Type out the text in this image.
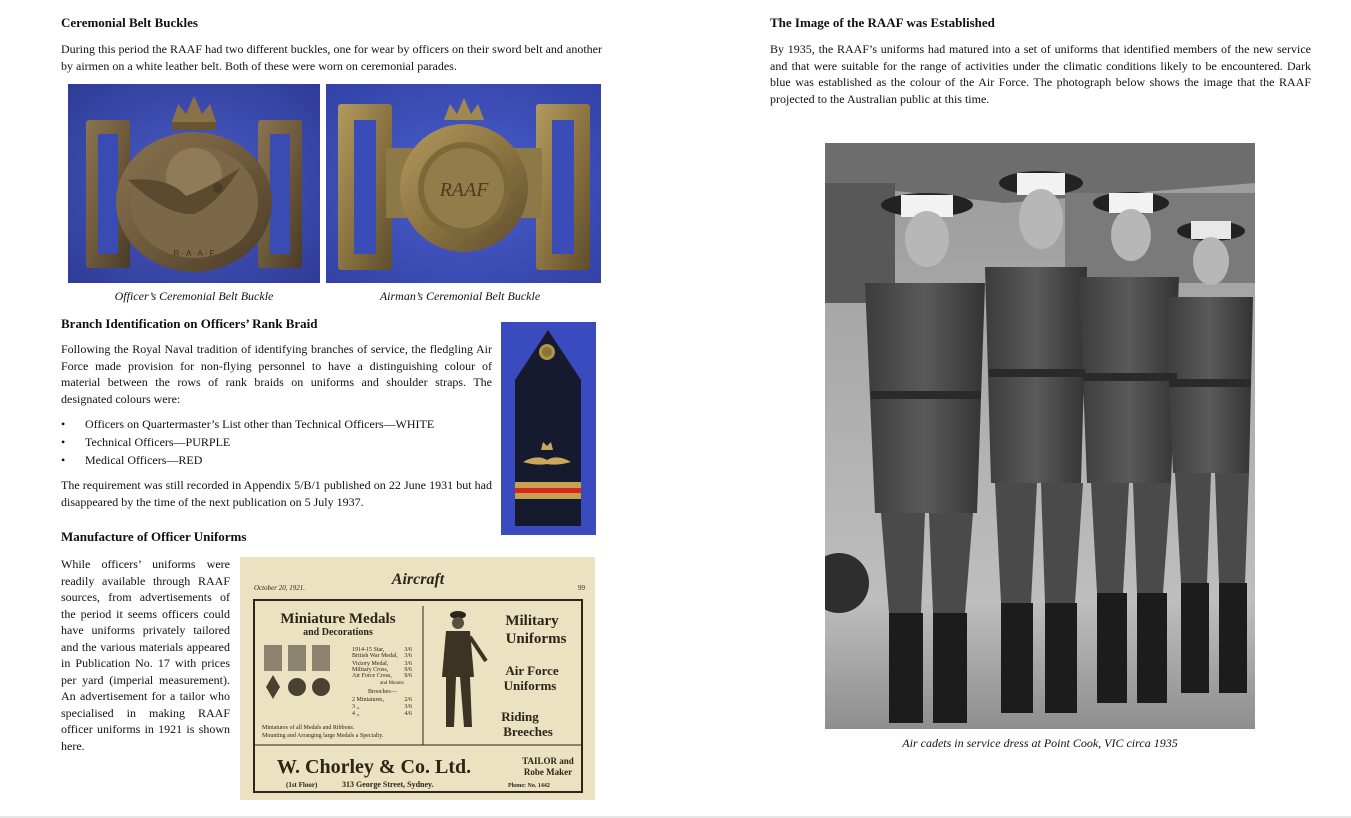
Ceremonial Belt Buckles

During this period the RAAF had two different buckles, one for wear by officers on their sword belt and another by airmen on a white leather belt. Both of these were worn on ceremonial parades.

R · A · A · F

Officer’s Ceremonial Belt Buckle

RAAF

Airman’s Ceremonial Belt Buckle

Branch Identification on Officers’ Rank Braid

Following the Royal Naval tradition of identifying branches of service, the fledgling Air Force made provision for non-flying personnel to have a distinguishing colour of material between the rows of rank braids on uniforms and shoulder straps. The designated colours were:

• Officers on Quartermaster’s List other than Technical Officers—WHITE
• Technical Officers—PURPLE
• Medical Officers—RED

The requirement was still recorded in Appendix 5/B/1 published on 22 June 1931 but had disappeared by the time of the next publication on 5 July 1937.

Manufacture of Officer Uniforms

While officers’ uniforms were readily available through RAAF sources, from advertisements of the period it seems officers could have uniforms privately tailored and the various materials appeared in Publication No. 17 with prices per yard (imperial measurement). An advertisement for a tailor who specialised in making RAAF officer uniforms in 1921 is shown here.

October 20, 1921.	Aircraft	99
Miniature Medals
and Decorations
1914-15 Star,	3/6
British War Medal, 3/6
Victory Medal,	3/6
Military Cross,	9/6
Air Force Cross, 9/6
and Mounts
Brooches—
2 Miniatures,	2/6
3 ,,	3/6
4 ,,	4/6
Miniatures of all Medals and Ribbons.
Mounting and Arranging large Medals a Specialty.
Military
Uniforms
Air Force
Uniforms
Riding
Breeches
W. Chorley & Co. Ltd.	TAILOR and
Robe Maker
(1st Floor)	313 George Street, Sydney.	Phone: No. 1442
The Image of the RAAF was Established

By 1935, the RAAF’s uniforms had matured into a set of uniforms that identified members of the new service and that were suitable for the range of activities under the climatic conditions likely to be encountered. Dark blue was established as the colour of the Air Force. The photograph below shows the image that the RAAF projected to the Australian public at this time.

Air cadets in service dress at Point Cook, VIC circa 1935
